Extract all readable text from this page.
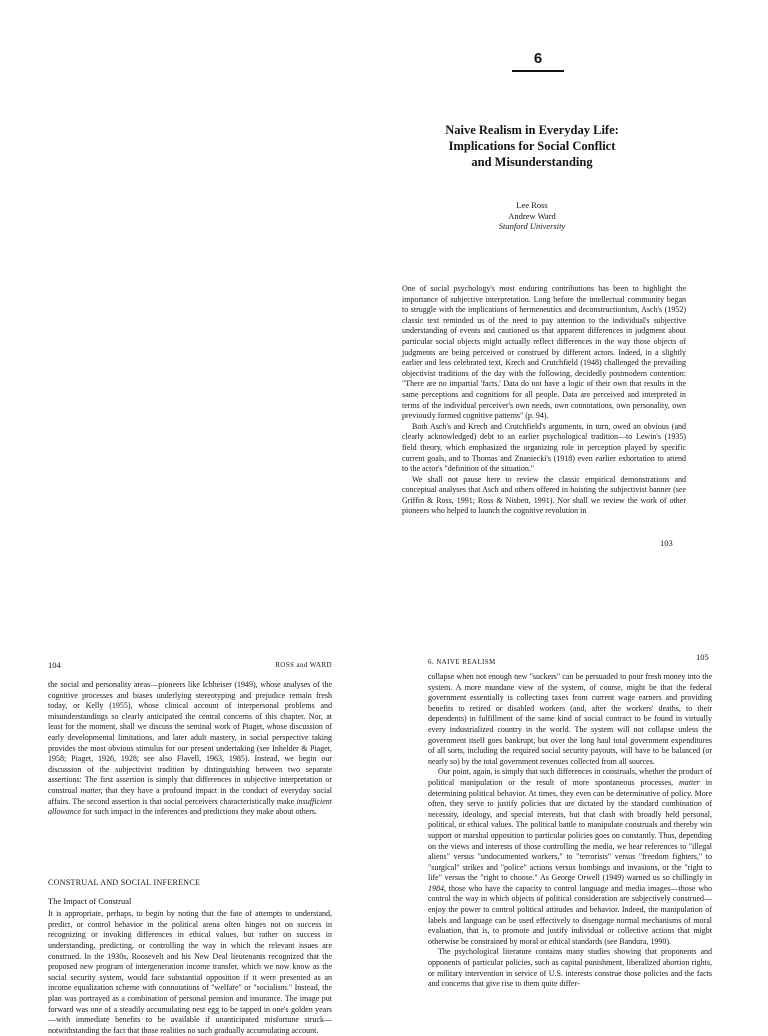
6
Naive Realism in Everyday Life:
Implications for Social Conflict
and Misunderstanding
Lee Ross
Andrew Ward
Stanford University

One of social psychology's most enduring contributions has been to highlight the importance of subjective interpretation. Long before the intellectual community began to struggle with the implications of hermeneutics and deconstructionism, Asch's (1952) classic text reminded us of the need to pay attention to the individual's subjective understanding of events and cautioned us that apparent differences in judgment about particular social objects might actually reflect differences in the way those objects of judgments are being perceived or construed by different actors. Indeed, in a slightly earlier and less celebrated text, Krech and Crutchfield (1948) challenged the prevailing objectivist traditions of the day with the following, decidedly postmodern contention: "There are no impartial 'facts.' Data do not have a logic of their own that results in the same perceptions and cognitions for all people. Data are perceived and interpreted in terms of the individual perceiver's own needs, own connotations, own personality, own previously formed cognitive patterns" (p. 94).

Both Asch's and Krech and Crutchfield's arguments, in turn, owed an obvious (and clearly acknowledged) debt to an earlier psychological tradition—to Lewin's (1935) field theory, which emphasized the organizing role in perception played by specific current goals, and to Thomas and Znaniecki's (1918) even earlier exhortation to attend to the actor's "definition of the situation."

We shall not pause here to review the classic empirical demonstrations and conceptual analyses that Asch and others offered in hoisting the subjectivist banner (see Griffin & Ross, 1991; Ross & Nisbett, 1991). Nor shall we review the work of other pioneers who helped to launch the cognitive revolution in

103
104	ROSS and WARD

the social and personality areas—pioneers like Ichheiser (1949), whose analyses of the cognitive processes and biases underlying stereotyping and prejudice remain fresh today, or Kelly (1955), whose clinical account of interpersonal problems and misunderstandings so clearly anticipated the central concerns of this chapter. Nor, at least for the moment, shall we discuss the seminal work of Piaget, whose discussion of early developmental limitations, and later adult mastery, in social perspective taking provides the most obvious stimulus for our present undertaking (see Inhelder & Piaget, 1958; Piaget, 1926, 1928; see also Flavell, 1963, 1985). Instead, we begin our discussion of the subjectivist tradition by distinguishing between two separate assertions: The first assertion is simply that differences in subjective interpretation or construal matter, that they have a profound impact in the conduct of everyday social affairs. The second assertion is that social perceivers characteristically make insufficient allowance for such impact in the inferences and predictions they make about others.

CONSTRUAL AND SOCIAL INFERENCE
The Impact of Construal

It is appropriate, perhaps, to begin by noting that the fate of attempts to understand, predict, or control behavior in the political arena often hinges not on success in recognizing or invoking differences in ethical values, but rather on success in understanding, predicting, or controlling the way in which the relevant issues are construed. In the 1930s, Roosevelt and his New Deal lieutenants recognized that the proposed new program of intergeneration income transfer, which we now know as the social security system, would face substantial opposition if it were presented as an income equalization scheme with connotations of "welfare" or "socialism." Instead, the plan was portrayed as a combination of personal pension and insurance. The image put forward was one of a steadily accumulating nest egg to be tapped in one's golden years—with immediate benefits to be available if unanticipated misfortune struck—notwithstanding the fact that those realities no such gradually accumulating account.

6. NAIVE REALISM	105

collapse when not enough new "suckers" can be persuaded to pour fresh money into the system. A more mundane view of the system, of course, might be that the federal government essentially is collecting taxes from current wage earners and providing benefits to retired or disabled workers (and, after the workers' deaths, to their dependents) in fulfillment of the same kind of social contract to be found in virtually every industrialized country in the world. The system will not collapse unless the government itself goes bankrupt, but over the long haul total government expenditures of all sorts, including the required social security payouts, will have to be balanced (or nearly so) by the total government revenues collected from all sources.

Our point, again, is simply that such differences in construals, whether the product of political manipulation or the result of more spontaneous processes, matter in determining political behavior. At times, they even can be determinative of policy. More often, they serve to justify policies that are dictated by the standard combination of necessity, ideology, and special interests, but that clash with broadly held personal, political, or ethical values. The political battle to manipulate construals and thereby win support or marshal opposition to particular policies goes on constantly. Thus, depending on the views and interests of those controlling the media, we hear references to "illegal aliens" versus "undocumented workers," to "terrorists" versus "freedom fighters," to "surgical" strikes and "police" actions versus bombings and invasions, or the "right to life" versus the "right to choose." As George Orwell (1949) warned us so chillingly in 1984, those who have the capacity to control language and media images—those who control the way in which objects of political consideration are subjectively construed—enjoy the power to control political attitudes and behavior. Indeed, the manipulation of labels and language can be used effectively to disengage normal mechanisms of moral evaluation, that is, to promote and justify individual or collective actions that might otherwise be constrained by moral or ethical standards (see Bandura, 1990).

The psychological literature contains many studies showing that proponents and opponents of particular policies, such as capital punishment, liberalized abortion rights, or military intervention in service of U.S. interests construe those policies and the facts and concerns that give rise to them quite differ-
